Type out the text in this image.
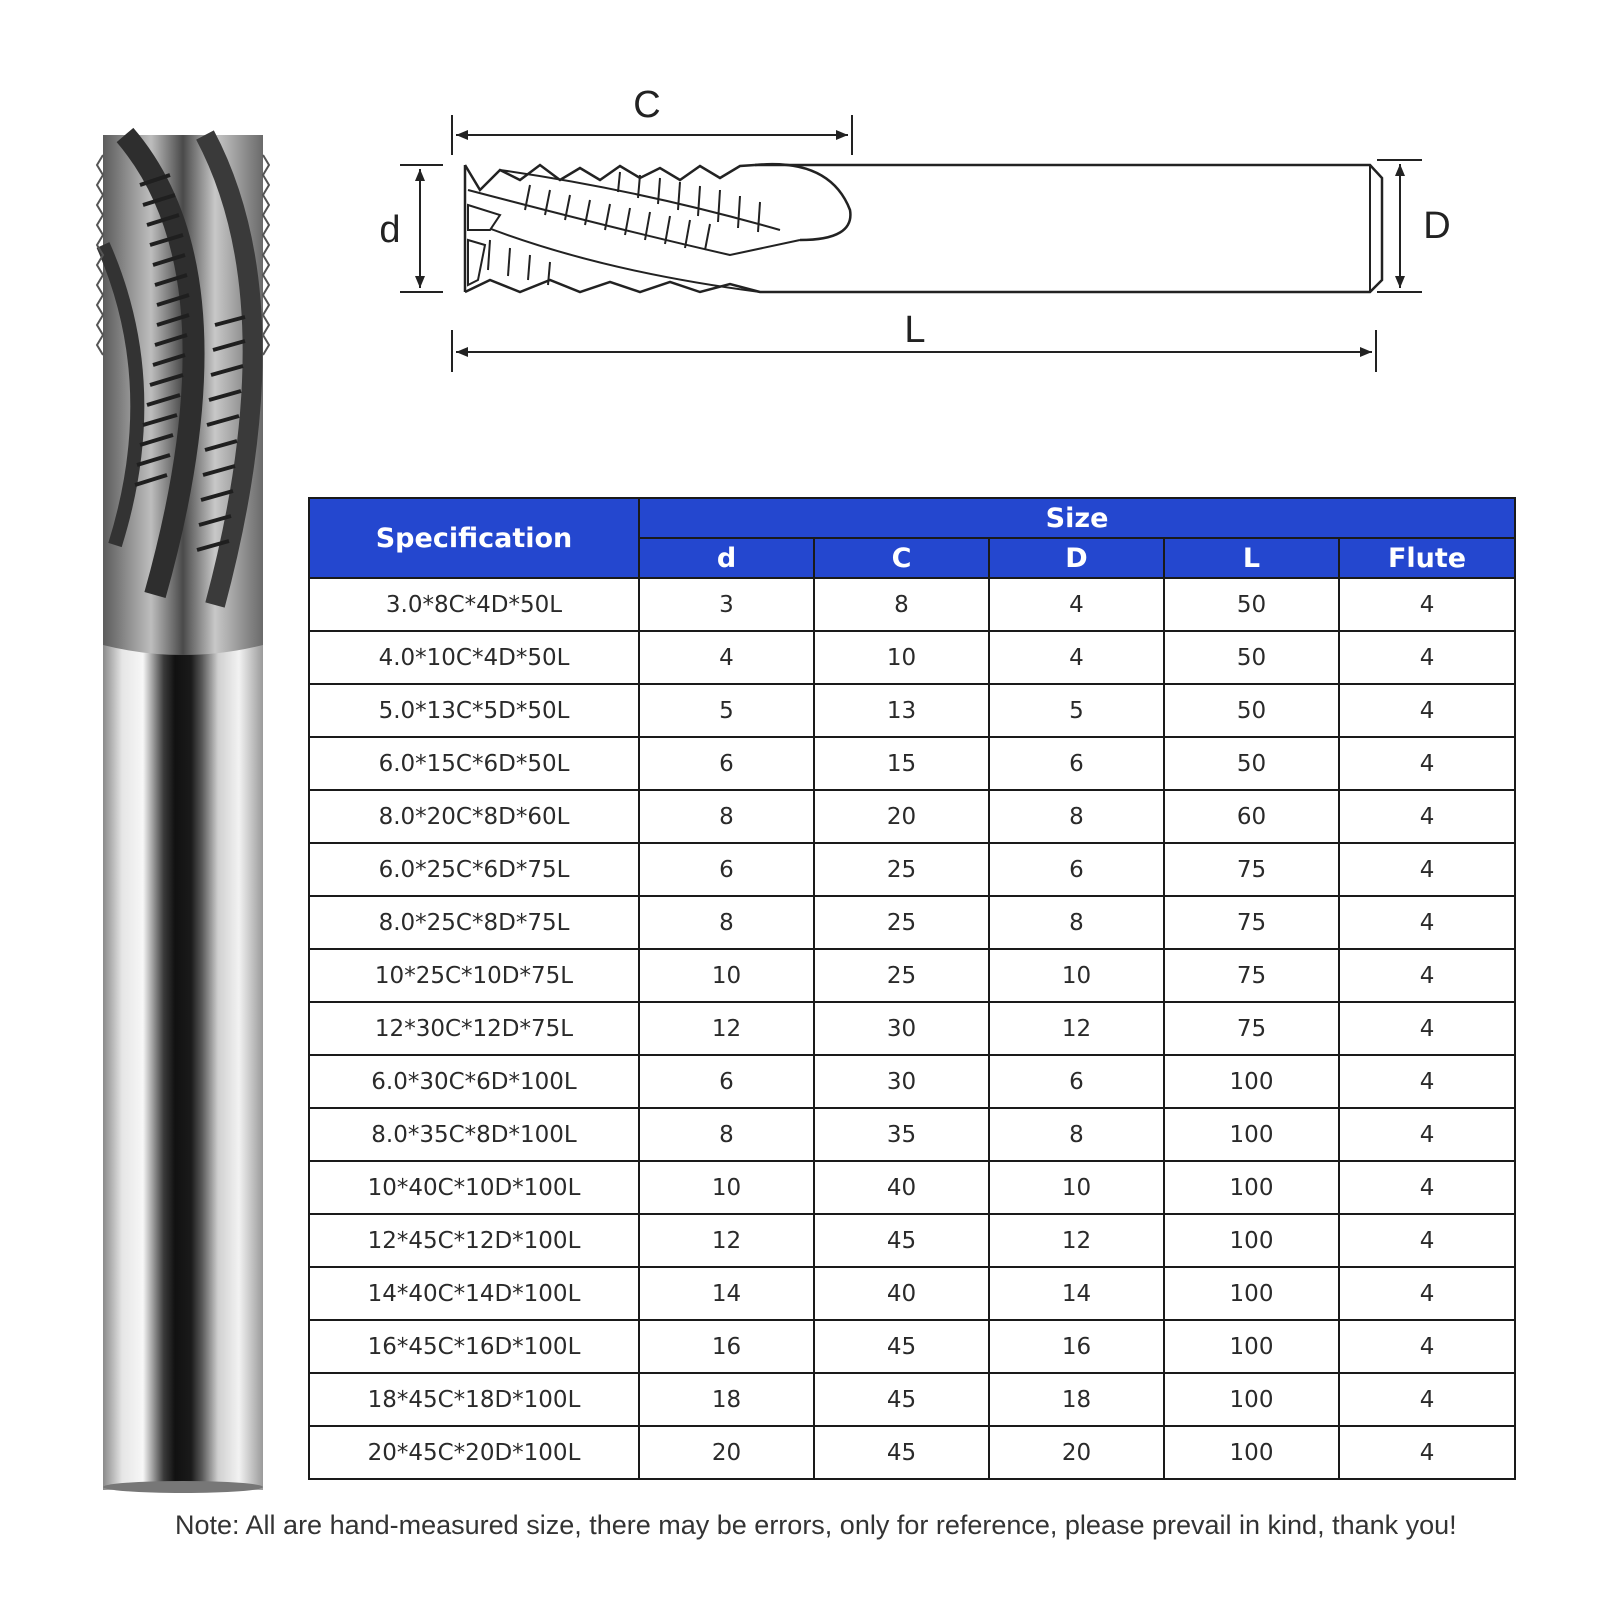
C
d	D
L
Specification	Size				
	d	C	D	L	Flute
3.0*8C*4D*50L	3	8	4	50	4
4.0*10C*4D*50L	4	10	4	50	4
5.0*13C*5D*50L	5	13	5	50	4
6.0*15C*6D*50L	6	15	6	50	4
8.0*20C*8D*60L	8	20	8	60	4
6.0*25C*6D*75L	6	25	6	75	4
8.0*25C*8D*75L	8	25	8	75	4
10*25C*10D*75L	10	25	10	75	4
12*30C*12D*75L	12	30	12	75	4
6.0*30C*6D*100L	6	30	6	100	4
8.0*35C*8D*100L	8	35	8	100	4
10*40C*10D*100L	10	40	10	100	4
12*45C*12D*100L	12	45	12	100	4
14*40C*14D*100L	14	40	14	100	4
16*45C*16D*100L	16	45	16	100	4
18*45C*18D*100L	18	45	18	100	4
20*45C*20D*100L	20	45	20	100	4
Note: All are hand-measured size, there may be errors, only for reference, please prevail in kind, thank you!
